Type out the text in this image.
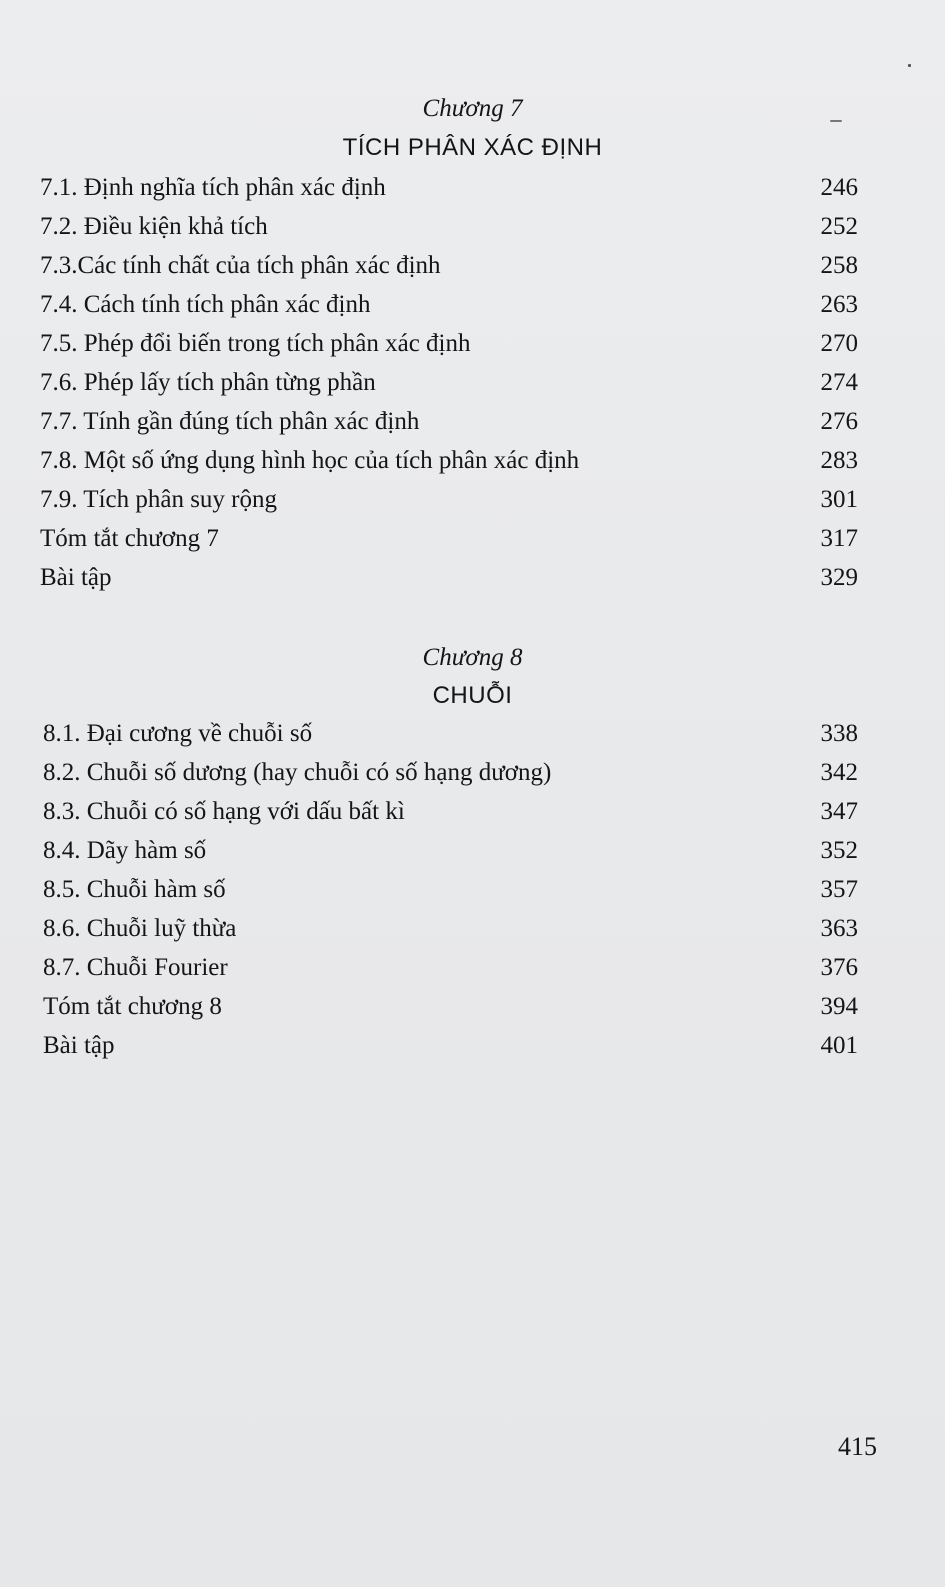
Chương 7
TÍCH PHÂN XÁC ĐỊNH
7.1. Định nghĩa tích phân xác định	246
7.2. Điều kiện khả tích	252
7.3.Các tính chất của tích phân xác định	258
7.4. Cách tính tích phân xác định	263
7.5. Phép đổi biến trong tích phân xác định	270
7.6. Phép lấy tích phân từng phần	274
7.7. Tính gần đúng tích phân xác định	276
7.8. Một số ứng dụng hình học của tích phân xác định	283
7.9. Tích phân suy rộng	301
Tóm tắt chương 7	317
Bài tập	329
Chương 8
CHUỖI
8.1. Đại cương về chuỗi số	338
8.2. Chuỗi số dương (hay chuỗi có số hạng dương)	342
8.3. Chuỗi có số hạng với dấu bất kì	347
8.4. Dãy hàm số	352
8.5. Chuỗi hàm số	357
8.6. Chuỗi luỹ thừa	363
8.7. Chuỗi Fourier	376
Tóm tắt chương 8	394
Bài tập	401
415
